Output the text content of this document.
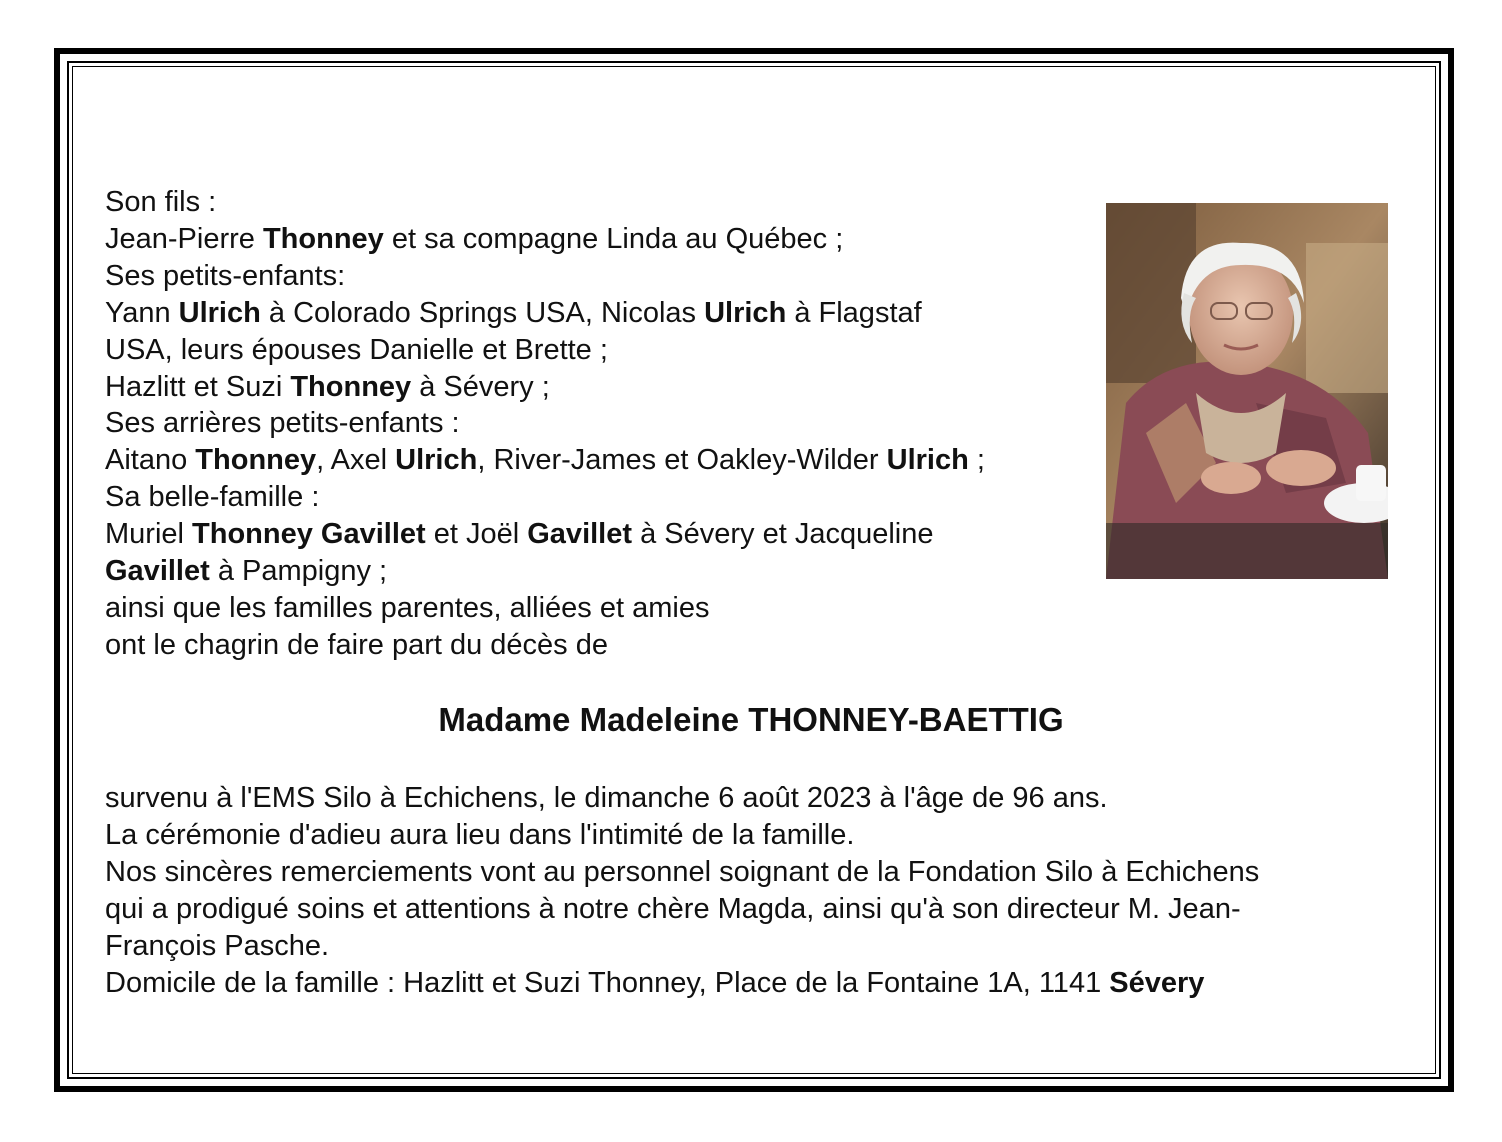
Son fils :
Jean-Pierre Thonney et sa compagne Linda au Québec ;
Ses petits-enfants:
Yann Ulrich à Colorado Springs USA, Nicolas Ulrich à Flagstaf
USA, leurs épouses Danielle et Brette ;
Hazlitt et Suzi Thonney à Sévery ;
Ses arrières petits-enfants :
Aitano Thonney, Axel Ulrich, River-James et Oakley-Wilder Ulrich ;
Sa belle-famille :
Muriel Thonney Gavillet et Joël Gavillet à Sévery et Jacqueline
Gavillet à Pampigny ;
ainsi que les familles parentes, alliées et amies
ont le chagrin de faire part du décès de
Madame Madeleine THONNEY-BAETTIG
survenu à l'EMS Silo à Echichens, le dimanche 6 août 2023 à l'âge de 96 ans.
La cérémonie d'adieu aura lieu dans l'intimité de la famille.
Nos sincères remerciements vont au personnel soignant de la Fondation Silo à Echichens
qui a prodigué soins et attentions à notre chère Magda, ainsi qu'à son directeur M. Jean-
François Pasche.
Domicile de la famille : Hazlitt et Suzi Thonney, Place de la Fontaine 1A, 1141 Sévery
